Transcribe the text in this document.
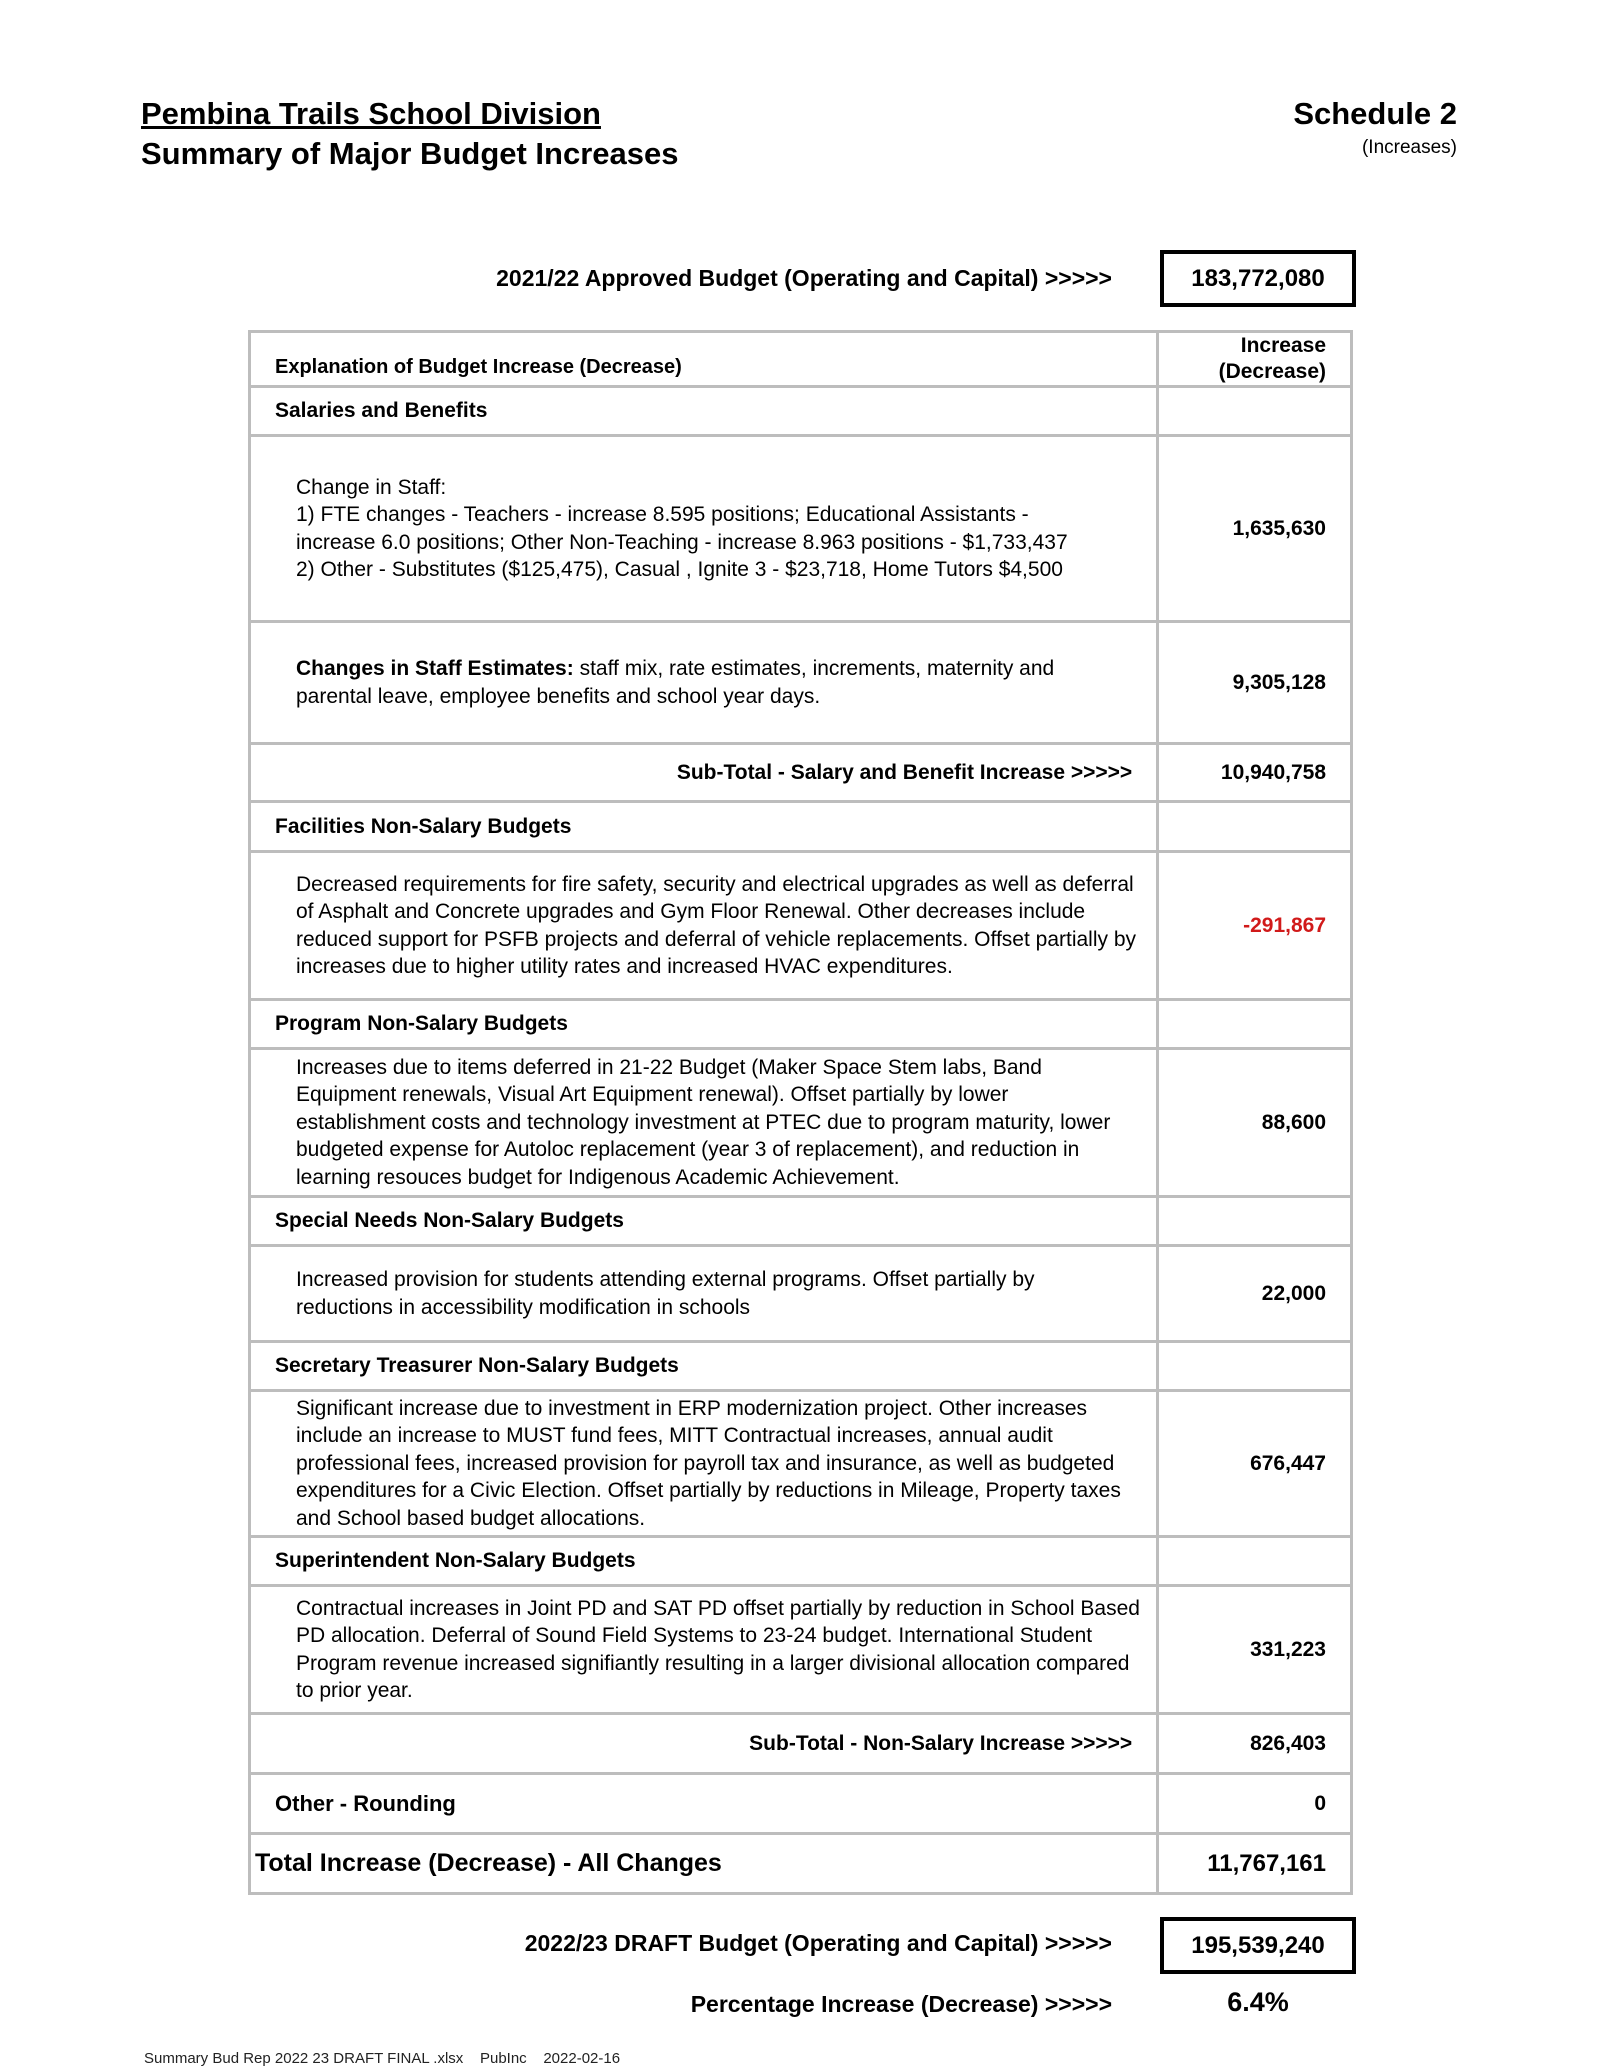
Pembina Trails School Division
Summary of Major Budget Increases
Schedule 2
(Increases)
2021/22 Approved Budget (Operating and Capital) >>>>>	183,772,080
Explanation of Budget Increase (Decrease)	Increase
(Decrease)

Salaries and Benefits	

Change in Staff:
1) FTE changes - Teachers - increase 8.595 positions; Educational Assistants -
increase 6.0 positions; Other Non-Teaching - increase 8.963 positions - $1,733,437
2) Other - Substitutes ($125,475), Casual , Ignite 3 - $23,718, Home Tutors $4,500	1,635,630
Changes in Staff Estimates: staff mix, rate estimates, increments, maternity and parental leave, employee benefits and school year days.	9,305,128
Sub-Total - Salary and Benefit Increase >>>>>	10,940,758
Facilities Non-Salary Budgets	
Decreased requirements for fire safety, security and electrical upgrades as well as deferral of Asphalt and Concrete upgrades and Gym Floor Renewal. Other decreases include reduced support for PSFB projects and deferral of vehicle replacements. Offset partially by increases due to higher utility rates and increased HVAC expenditures.	-291,867
Program Non-Salary Budgets	
Increases due to items deferred in 21-22 Budget (Maker Space Stem labs, Band Equipment renewals, Visual Art Equipment renewal). Offset partially by lower establishment costs and technology investment at PTEC due to program maturity, lower budgeted expense for Autoloc replacement (year 3 of replacement), and reduction in learning resouces budget for Indigenous Academic Achievement.	88,600
Special Needs Non-Salary Budgets	
Increased provision for students attending external programs. Offset partially by reductions in accessibility modification in schools	22,000
Secretary Treasurer Non-Salary Budgets	
Significant increase due to investment in ERP modernization project. Other increases include an increase to MUST fund fees, MITT Contractual increases, annual audit professional fees, increased provision for payroll tax and insurance, as well as budgeted expenditures for a Civic Election. Offset partially by reductions in Mileage, Property taxes and School based budget allocations.	676,447
Superintendent Non-Salary Budgets	
Contractual increases in Joint PD and SAT PD offset partially by reduction in School Based PD allocation. Deferral of Sound Field Systems to 23-24 budget. International Student Program revenue increased signifiantly resulting in a larger divisional allocation compared to prior year.	331,223
Sub-Total - Non-Salary Increase >>>>>	826,403
Other - Rounding	0
Total Increase (Decrease) - All Changes	11,767,161
2022/23 DRAFT Budget (Operating and Capital) >>>>>	195,539,240
Percentage Increase (Decrease) >>>>>	6.4%
Summary Bud Rep 2022 23 DRAFT FINAL .xlsx PubInc 2022-02-16
